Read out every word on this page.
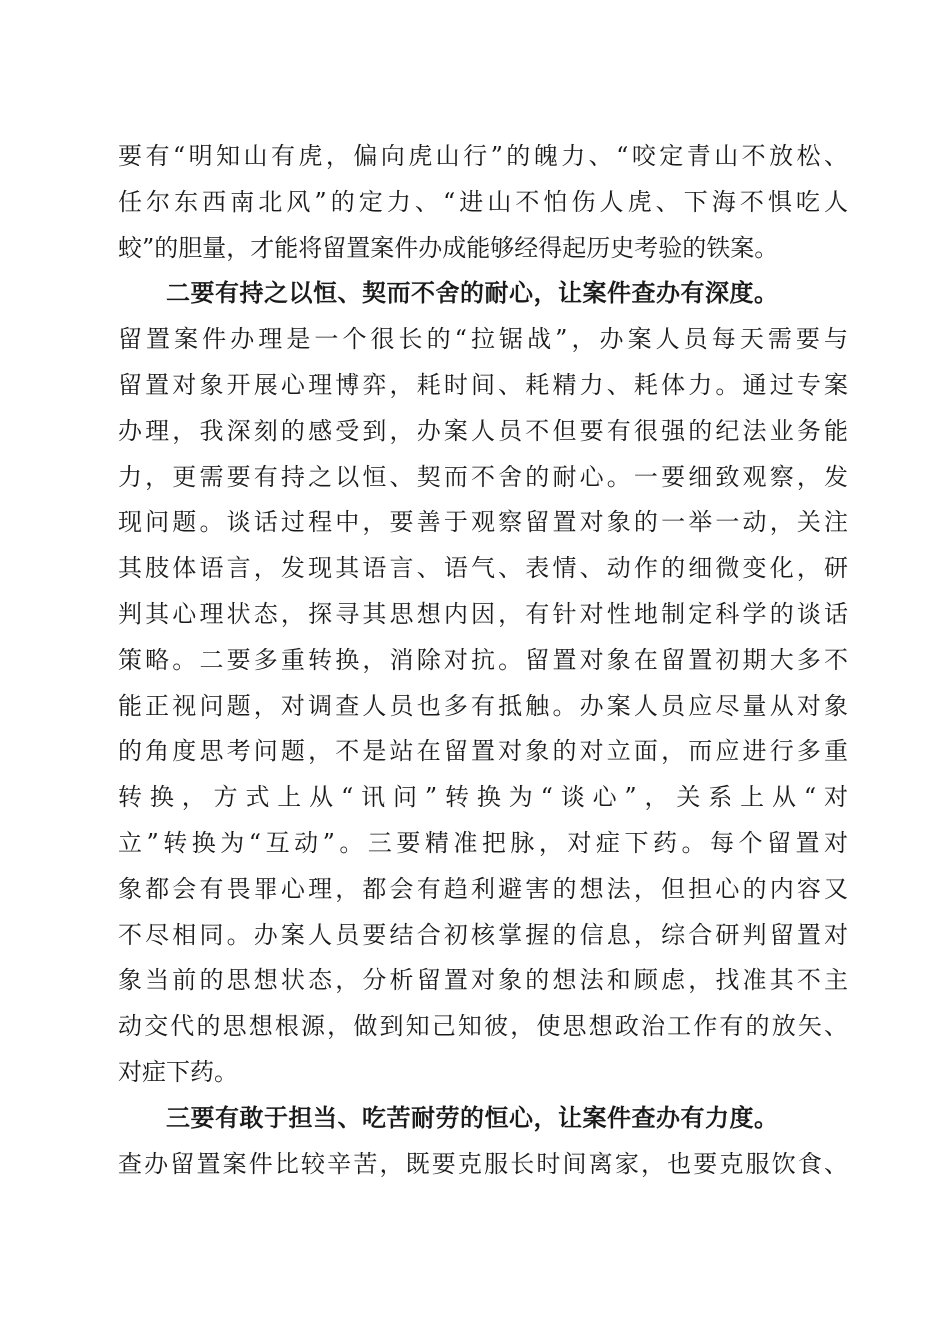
要有“明知山有虎，偏向虎山行”的魄力、“咬定青山不放松、
任尔东西南北风”的定力、“进山不怕伤人虎、下海不惧吃人
蛟”的胆量，才能将留置案件办成能够经得起历史考验的铁案。
二要有持之以恒、契而不舍的耐心，让案件查办有深度。
留置案件办理是一个很长的“拉锯战”，办案人员每天需要与
留置对象开展心理博弈，耗时间、耗精力、耗体力。通过专案
办理，我深刻的感受到，办案人员不但要有很强的纪法业务能
力，更需要有持之以恒、契而不舍的耐心。一要细致观察，发
现问题。谈话过程中，要善于观察留置对象的一举一动，关注
其肢体语言，发现其语言、语气、表情、动作的细微变化，研
判其心理状态，探寻其思想内因，有针对性地制定科学的谈话
策略。二要多重转换，消除对抗。留置对象在留置初期大多不
能正视问题，对调查人员也多有抵触。办案人员应尽量从对象
的角度思考问题，不是站在留置对象的对立面，而应进行多重
转换，方式上从“讯问”转换为“谈心”，关系上从“对
立”转换为“互动”。三要精准把脉，对症下药。每个留置对
象都会有畏罪心理，都会有趋利避害的想法，但担心的内容又
不尽相同。办案人员要结合初核掌握的信息，综合研判留置对
象当前的思想状态，分析留置对象的想法和顾虑，找准其不主
动交代的思想根源，做到知己知彼，使思想政治工作有的放矢、
对症下药。
三要有敢于担当、吃苦耐劳的恒心，让案件查办有力度。
查办留置案件比较辛苦，既要克服长时间离家，也要克服饮食、
